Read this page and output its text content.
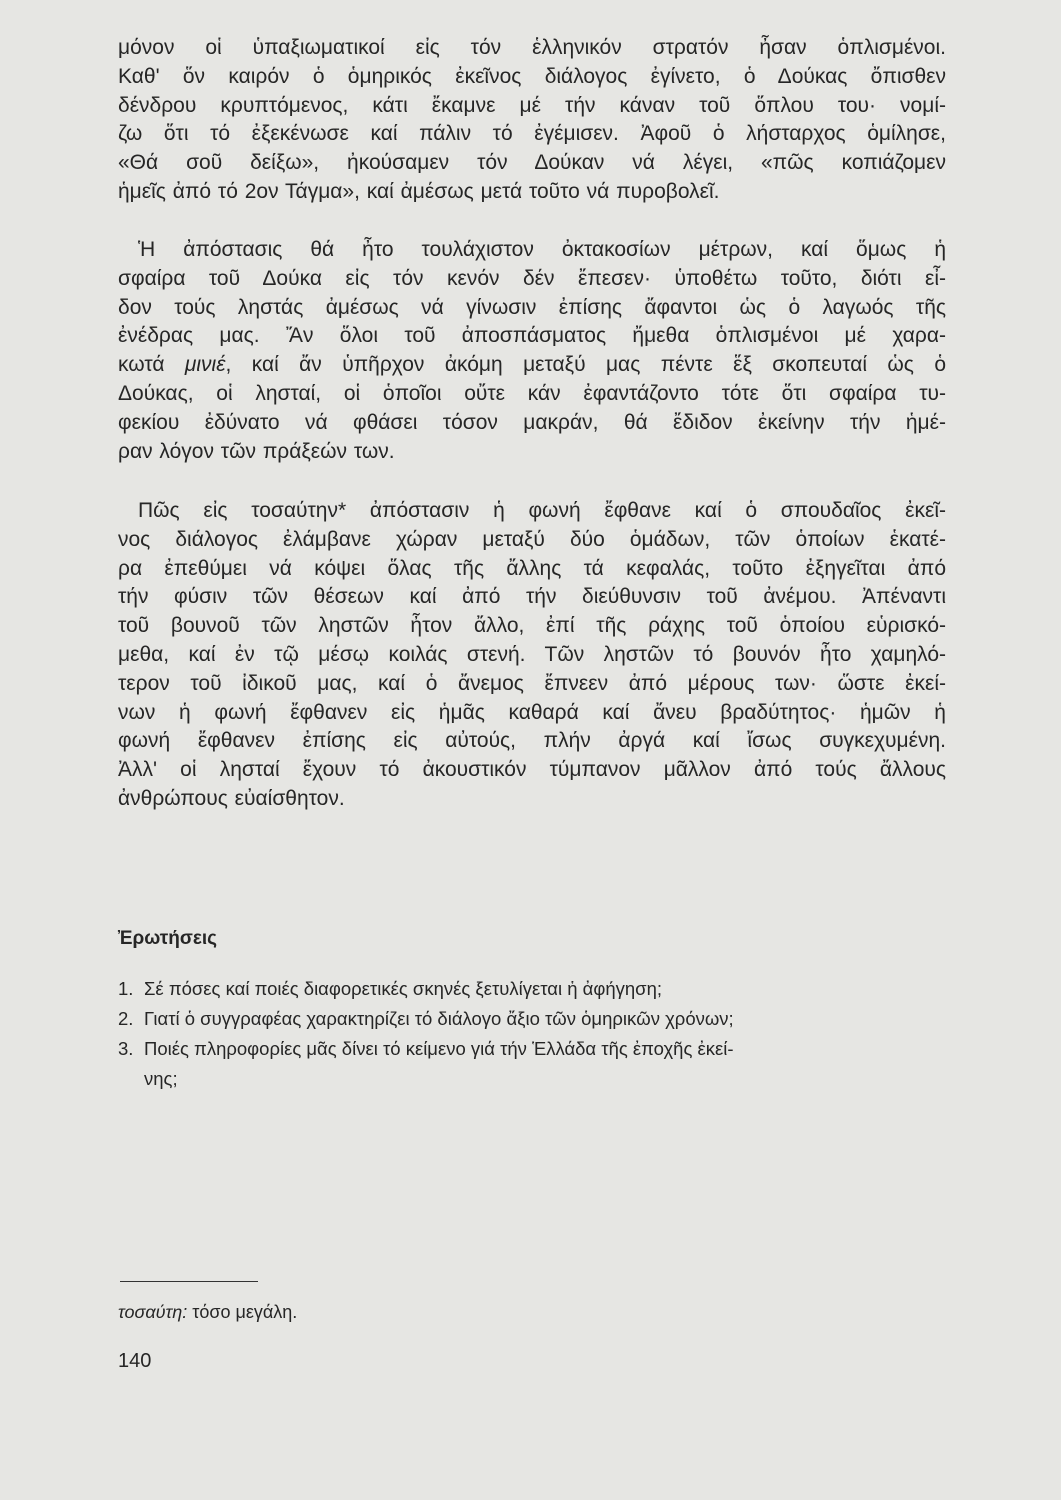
μόνον οἱ ὑπαξιωματικοί εἰς τόν ἑλληνικόν στρατόν ἦσαν ὁπλισμένοι.
Καθ' ὅν καιρόν ὁ ὁμηρικός ἐκεῖνος διάλογος ἐγίνετο, ὁ Δούκας ὄπισθεν
δένδρου κρυπτόμενος, κάτι ἔκαμνε μέ τήν κάναν τοῦ ὅπλου του· νομί-
ζω ὅτι τό ἐξεκένωσε καί πάλιν τό ἐγέμισεν. Ἀφοῦ ὁ λήσταρχος ὁμίλησε,
«Θά σοῦ δείξω», ἠκούσαμεν τόν Δούκαν νά λέγει, «πῶς κοπιάζομεν
ἡμεῖς ἀπό τό 2ον Τάγμα», καί ἀμέσως μετά τοῦτο νά πυροβολεῖ.
Ἡ ἀπόστασις θά ἦτο τουλάχιστον ὀκτακοσίων μέτρων, καί ὅμως ἡ
σφαίρα τοῦ Δούκα εἰς τόν κενόν δέν ἔπεσεν· ὑποθέτω τοῦτο, διότι εἶ-
δον τούς ληστάς ἀμέσως νά γίνωσιν ἐπίσης ἄφαντοι ὡς ὁ λαγωός τῆς
ἐνέδρας μας. Ἄν ὅλοι τοῦ ἀποσπάσματος ἤμεθα ὁπλισμένοι μέ χαρα-
κωτά μινιέ, καί ἄν ὑπῆρχον ἀκόμη μεταξύ μας πέντε ἕξ σκοπευταί ὡς ὁ
Δούκας, οἱ λησταί, οἱ ὁποῖοι οὔτε κάν ἐφαντάζοντο τότε ὅτι σφαίρα τυ-
φεκίου ἐδύνατο νά φθάσει τόσον μακράν, θά ἔδιδον ἐκείνην τήν ἡμέ-
ραν λόγον τῶν πράξεών των.
Πῶς εἰς τοσαύτην* ἀπόστασιν ἡ φωνή ἔφθανε καί ὁ σπουδαῖος ἐκεῖ-
νος διάλογος ἐλάμβανε χώραν μεταξύ δύο ὁμάδων, τῶν ὁποίων ἑκατέ-
ρα ἐπεθύμει νά κόψει ὅλας τῆς ἄλλης τά κεφαλάς, τοῦτο ἐξηγεῖται ἀπό
τήν φύσιν τῶν θέσεων καί ἀπό τήν διεύθυνσιν τοῦ ἀνέμου. Ἀπέναντι
τοῦ βουνοῦ τῶν ληστῶν ἦτον ἄλλο, ἐπί τῆς ράχης τοῦ ὁποίου εὑρισκό-
μεθα, καί ἐν τῷ μέσῳ κοιλάς στενή. Τῶν ληστῶν τό βουνόν ἦτο χαμηλό-
τερον τοῦ ἰδικοῦ μας, καί ὁ ἄνεμος ἔπνεεν ἀπό μέρους των· ὥστε ἐκεί-
νων ἡ φωνή ἔφθανεν εἰς ἡμᾶς καθαρά καί ἄνευ βραδύτητος· ἡμῶν ἡ
φωνή ἔφθανεν ἐπίσης εἰς αὐτούς, πλήν ἀργά καί ἴσως συγκεχυμένη.
Ἀλλ' οἱ λησταί ἔχουν τό ἀκουστικόν τύμπανον μᾶλλον ἀπό τούς ἄλλους
ἀνθρώπους εὐαίσθητον.
Ἐρωτήσεις
1. Σέ πόσες καί ποιές διαφορετικές σκηνές ξετυλίγεται ἡ ἀφήγηση;
2. Γιατί ὁ συγγραφέας χαρακτηρίζει τό διάλογο ἄξιο τῶν ὁμηρικῶν χρόνων;
3. Ποιές πληροφορίες μᾶς δίνει τό κείμενο γιά τήν Ἑλλάδα τῆς ἐποχῆς ἐκεί-
νης;
τοσαύτη: τόσο μεγάλη.
140
